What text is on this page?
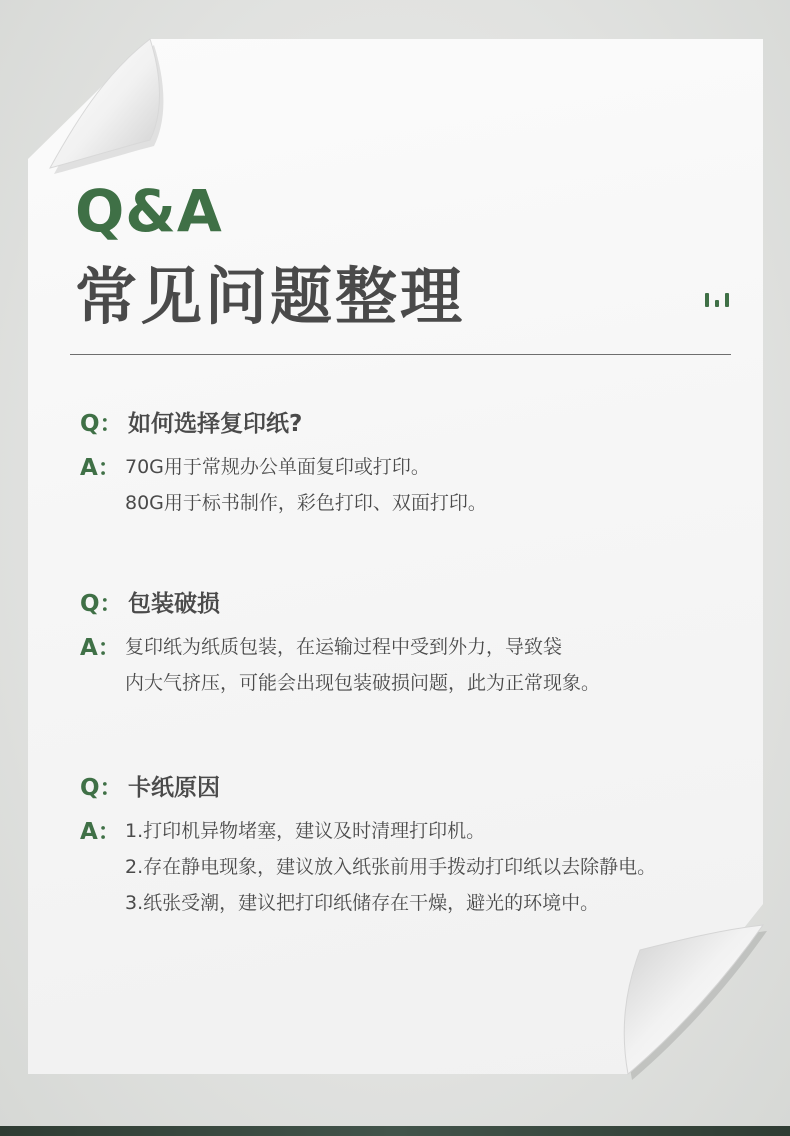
Q&A
常见问题整理
Q： 如何选择复印纸?
A： 70G用于常规办公单面复印或打印。
80G用于标书制作，彩色打印、双面打印。
Q： 包装破损
A： 复印纸为纸质包装，在运输过程中受到外力，导致袋
内大气挤压，可能会出现包装破损问题，此为正常现象。
Q： 卡纸原因
A： 1.打印机异物堵塞，建议及时清理打印机。
2.存在静电现象，建议放入纸张前用手拨动打印纸以去除静电。
3.纸张受潮，建议把打印纸储存在干燥，避光的环境中。
